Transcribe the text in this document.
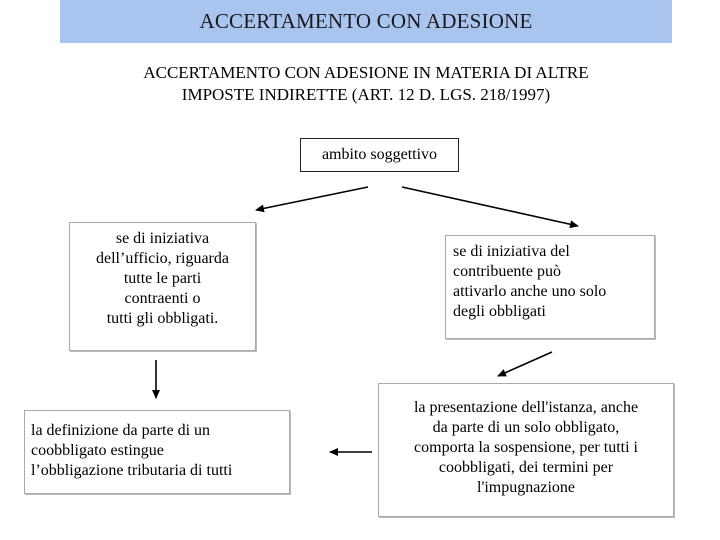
ACCERTAMENTO CON ADESIONE
ACCERTAMENTO CON ADESIONE IN MATERIA DI ALTRE
IMPOSTE INDIRETTE (ART. 12 D. LGS. 218/1997)
ambito soggettivo
se di iniziativa
dell’ufficio, riguarda
tutte le parti
contraenti o
tutti gli obbligati.
se di iniziativa del
contribuente può
attivarlo anche uno solo
degli obbligati
la definizione da parte di un
coobbligato estingue
l’obbligazione tributaria di tutti
la presentazione dell'istanza, anche
da parte di un solo obbligato,
comporta la sospensione, per tutti i
coobbligati, dei termini per
l'impugnazione
